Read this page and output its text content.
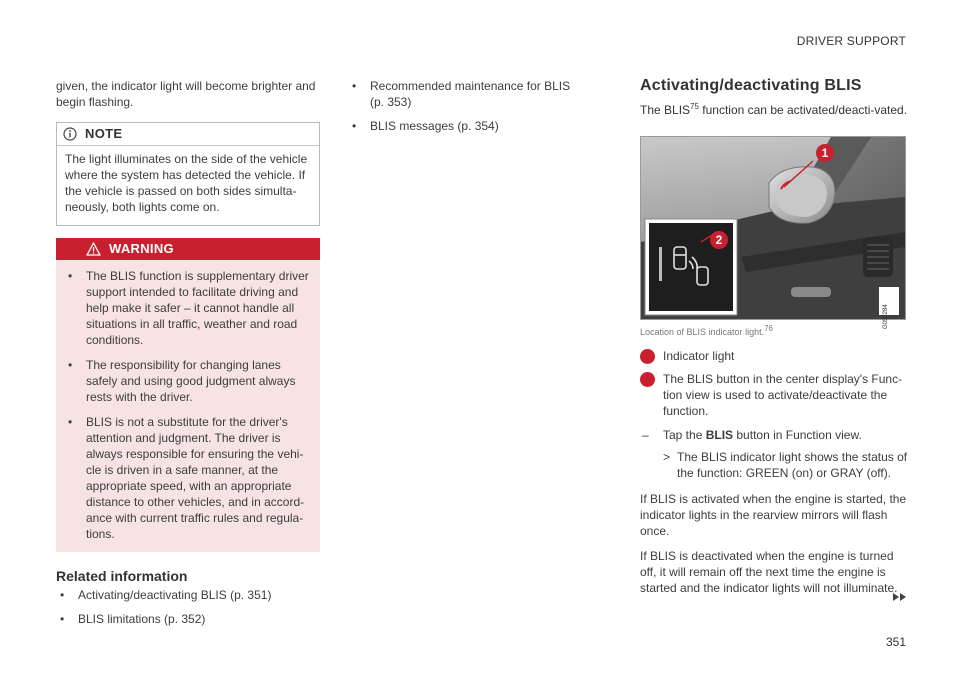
DRIVER SUPPORT

given, the indicator light will become brighter and begin flashing.

NOTE

The light illuminates on the side of the vehicle where the system has detected the vehicle. If the vehicle is passed on both sides simulta-neously, both lights come on.

WARNING
• The BLIS function is supplementary driver support intended to facilitate driving and help make it safer – it cannot handle all situations in all traffic, weather and road conditions.
• The responsibility for changing lanes safely and using good judgment always rests with the driver.
• BLIS is not a substitute for the driver's attention and judgment. The driver is always responsible for ensuring the vehi-cle is driven in a safe manner, at the appropriate speed, with an appropriate distance to other vehicles, and in accord-ance with current traffic rules and regula-tions.
Related information
• Activating/deactivating BLIS (p. 351)
• BLIS limitations (p. 352)
• Recommended maintenance for BLIS (p. 353)
• BLIS messages (p. 354)
Activating/deactivating BLIS

The BLIS$^{75}$ function can be activated/deacti-vated.

1
2
G052284
Location of BLIS indicator light.$^{76}$
Indicator light
The BLIS button in the center display's Func-tion view is used to activate/deactivate the function.
– Tap the BLIS button in Function view.
> The BLIS indicator light shows the status of the function: GREEN (on) or GRAY (off).

If BLIS is activated when the engine is started, the indicator lights in the rearview mirrors will flash once.

If BLIS is deactivated when the engine is turned off, it will remain off the next time the engine is started and the indicator lights will not illuminate.

351
